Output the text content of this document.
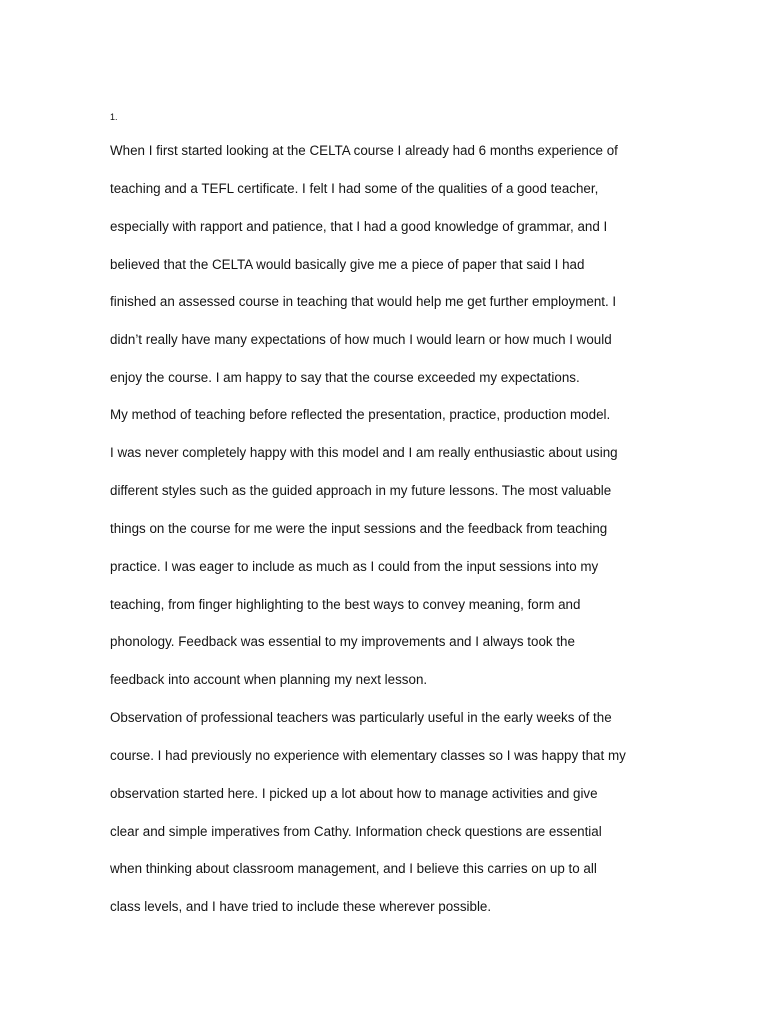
1.
When I first started looking at the CELTA course I already had 6 months experience of
teaching and a TEFL certificate. I felt I had some of the qualities of a good teacher,
especially with rapport and patience, that I had a good knowledge of grammar, and I
believed that the CELTA would basically give me a piece of paper that said I had
finished an assessed course in teaching that would help me get further employment. I
didn’t really have many expectations of how much I would learn or how much I would
enjoy the course. I am happy to say that the course exceeded my expectations.
My method of teaching before reflected the presentation, practice, production model.
I was never completely happy with this model and I am really enthusiastic about using
different styles such as the guided approach in my future lessons. The most valuable
things on the course for me were the input sessions and the feedback from teaching
practice. I was eager to include as much as I could from the input sessions into my
teaching, from finger highlighting to the best ways to convey meaning, form and
phonology. Feedback was essential to my improvements and I always took the
feedback into account when planning my next lesson.
Observation of professional teachers was particularly useful in the early weeks of the
course. I had previously no experience with elementary classes so I was happy that my
observation started here. I picked up a lot about how to manage activities and give
clear and simple imperatives from Cathy. Information check questions are essential
when thinking about classroom management, and I believe this carries on up to all
class levels, and I have tried to include these wherever possible.
